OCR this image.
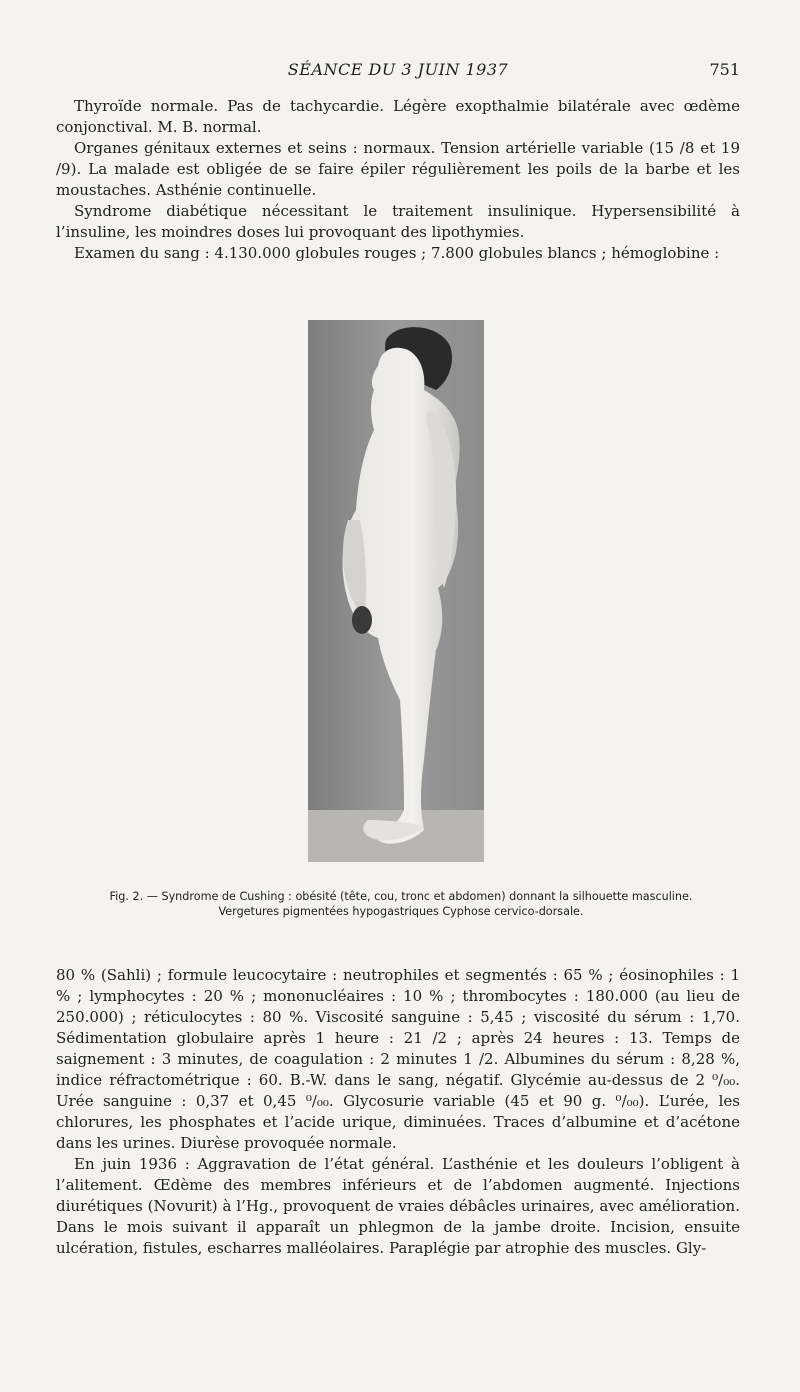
SÉANCE DU 3 JUIN 1937	751

Thyroïde normale. Pas de tachycardie. Légère exopthalmie bilatérale avec œdème conjonctival. M. B. normal.

Organes génitaux externes et seins : normaux. Tension artérielle variable (15 /8 et 19 /9). La malade est obligée de se faire épiler régulièrement les poils de la barbe et les moustaches. Asthénie continuelle.

Syndrome diabétique nécessitant le traitement insulinique. Hypersensibilité à l’insuline, les moindres doses lui provoquant des lipothymies.

Examen du sang : 4.130.000 globules rouges ; 7.800 globules blancs ; hémoglobine :

Fig. 2. — Syndrome de Cushing : obésité (tête, cou, tronc et abdomen) donnant la silhouette masculine.
Vergetures pigmentées hypogastriques Cyphose cervico-dorsale.

80 % (Sahli) ; formule leucocytaire : neutrophiles et segmentés : 65 % ; éosinophiles : 1 % ; lymphocytes : 20 % ; mononucléaires : 10 % ; thrombocytes : 180.000 (au lieu de 250.000) ; réticulocytes : 80 %. Viscosité sanguine : 5,45 ; viscosité du sérum : 1,70. Sédimentation globulaire après 1 heure : 21 /2 ; après 24 heures : 13. Temps de saignement : 3 minutes, de coagulation : 2 minutes 1 /2. Albumines du sérum : 8,28 %, indice réfractométrique : 60. B.-W. dans le sang, négatif. Glycémie au-dessus de 2 ⁰/₀₀. Urée sanguine : 0,37 et 0,45 ⁰/₀₀. Glycosurie variable (45 et 90 g. ⁰/₀₀). L’urée, les chlorures, les phosphates et l’acide urique, diminuées. Traces d’albumine et d’acétone dans les urines. Diurèse provoquée normale.

En juin 1936 : Aggravation de l’état général. L’asthénie et les douleurs l’obligent à l’alitement. Œdème des membres inférieurs et de l’abdomen augmenté. Injections diurétiques (Novurit) à l’Hg., provoquent de vraies débâcles urinaires, avec amélioration. Dans le mois suivant il apparaît un phlegmon de la jambe droite. Incision, ensuite ulcération, fistules, escharres malléolaires. Paraplégie par atrophie des muscles. Gly-
